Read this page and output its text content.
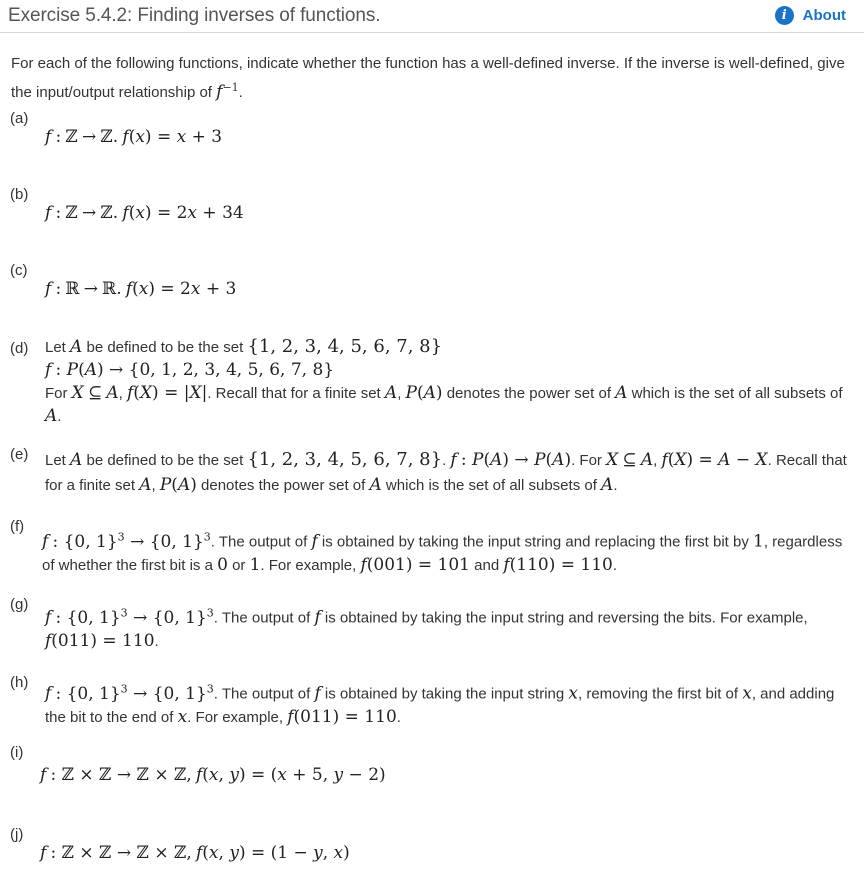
Exercise 5.4.2: Finding inverses of functions.	i	About
For each of the following functions, indicate whether the function has a well-defined inverse. If the inverse is well-defined, give the input/output relationship of $f^{-1}$.
(a)
f : ℤ → ℤ. f(x) = x + 3
(b)
f : ℤ → ℤ. f(x) = 2x + 34
(c)
f : ℝ → ℝ. f(x) = 2x + 3
(d) Let A be defined to be the set {1, 2, 3, 4, 5, 6, 7, 8}
f : P(A) → {0, 1, 2, 3, 4, 5, 6, 7, 8}
For X ⊆ A, f(X) = |X|. Recall that for a finite set A, P(A) denotes the power set of A which is the set of all subsets of A.
(e) Let A be defined to be the set {1, 2, 3, 4, 5, 6, 7, 8}. f : P(A) → P(A). For X ⊆ A, f(X) = A − X. Recall that for a finite set A, P(A) denotes the power set of A which is the set of all subsets of A.
(f)
f : {0, 1}$^3$ → {0, 1}$^3$. The output of f is obtained by taking the input string and replacing the first bit by 1, regardless of whether the first bit is a 0 or 1. For example, f(001) = 101 and f(110) = 110.
(g)
f : {0, 1}$^3$ → {0, 1}$^3$. The output of f is obtained by taking the input string and reversing the bits. For example, f(011) = 110.
(h)
f : {0, 1}$^3$ → {0, 1}$^3$. The output of f is obtained by taking the input string x, removing the first bit of x, and adding the bit to the end of x. For example, f(011) = 110.
(i)
f : ℤ × ℤ → ℤ × ℤ, f(x, y) = (x + 5, y − 2)
(j)
f : ℤ × ℤ → ℤ × ℤ, f(x, y) = (1 − y, x)
